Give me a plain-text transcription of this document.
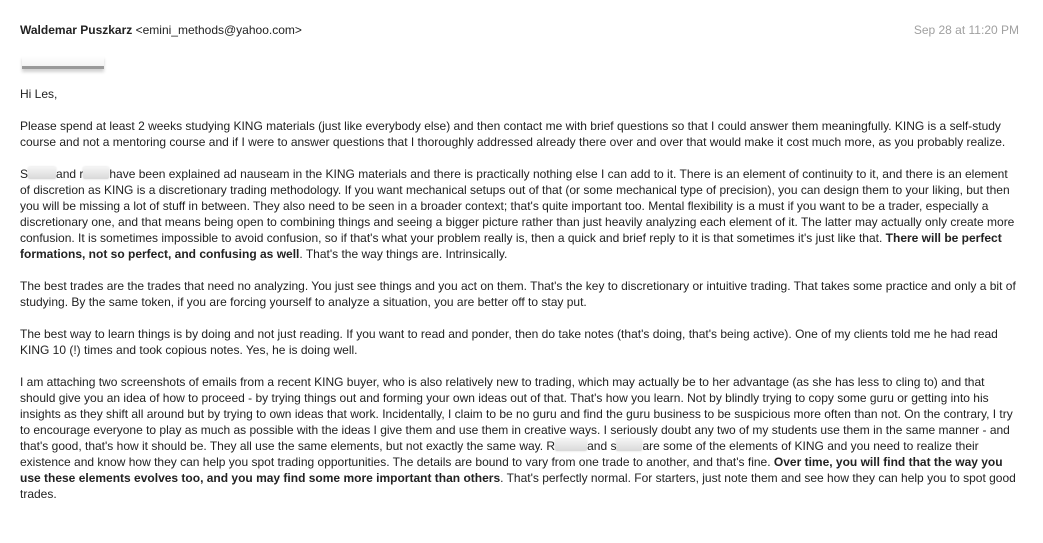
Waldemar Puszkarz <emini_methods@yahoo.com>	Sep 28 at 11:20 PM

Hi Les,

Please spend at least 2 weeks studying KING materials (just like everybody else) and then contact me with brief questions so that I could answer them meaningfully. KING is a self-study course and not a mentoring course and if I were to answer questions that I thoroughly addressed already there over and over that would make it cost much more, as you probably realize.

S and r have been explained ad nauseam in the KING materials and there is practically nothing else I can add to it. There is an element of continuity to it, and there is an element of discretion as KING is a discretionary trading methodology. If you want mechanical setups out of that (or some mechanical type of precision), you can design them to your liking, but then you will be missing a lot of stuff in between. They also need to be seen in a broader context; that's quite important too. Mental flexibility is a must if you want to be a trader, especially a discretionary one, and that means being open to combining things and seeing a bigger picture rather than just heavily analyzing each element of it. The latter may actually only create more confusion. It is sometimes impossible to avoid confusion, so if that's what your problem really is, then a quick and brief reply to it is that sometimes it's just like that. There will be perfect formations, not so perfect, and confusing as well. That's the way things are. Intrinsically.

The best trades are the trades that need no analyzing. You just see things and you act on them. That's the key to discretionary or intuitive trading. That takes some practice and only a bit of studying. By the same token, if you are forcing yourself to analyze a situation, you are better off to stay put.

The best way to learn things is by doing and not just reading. If you want to read and ponder, then do take notes (that's doing, that's being active). One of my clients told me he had read KING 10 (!) times and took copious notes. Yes, he is doing well.

I am attaching two screenshots of emails from a recent KING buyer, who is also relatively new to trading, which may actually be to her advantage (as she has less to cling to) and that should give you an idea of how to proceed - by trying things out and forming your own ideas out of that. That's how you learn. Not by blindly trying to copy some guru or getting into his insights as they shift all around but by trying to own ideas that work. Incidentally, I claim to be no guru and find the guru business to be suspicious more often than not. On the contrary, I try to encourage everyone to play as much as possible with the ideas I give them and use them in creative ways. I seriously doubt any two of my students use them in the same manner - and that's good, that's how it should be. They all use the same elements, but not exactly the same way. R	and s are some of the elements of KING and you need to realize their existence and know how they can help you spot trading opportunities. The details are bound to vary from one trade to another, and that's fine. Over time, you will find that the way you use these elements evolves too, and you may find some more important than others. That's perfectly normal. For starters, just note them and see how they can help you to spot good trades.
